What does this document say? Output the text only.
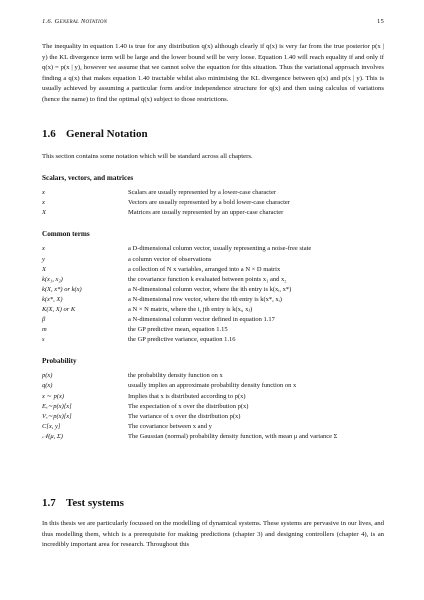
1.6. General Notation	15

The inequality in equation 1.40 is true for any distribution q(x) although clearly if q(x) is very far from the true posterior p(x | y) the KL divergence term will be large and the lower bound will be very loose. Equation 1.40 will reach equality if and only if q(x) = p(x | y), however we assume that we cannot solve the equation for this situation. Thus the variational approach involves finding a q(x) that makes equation 1.40 tractable whilst also minimising the KL divergence between q(x) and p(x | y). This is usually achieved by assuming a particular form and/or independence structure for q(x) and then using calculus of variations (hence the name) to find the optimal q(x) subject to those restrictions.

1.6 General Notation

This section contains some notation which will be standard across all chapters.

Scalars, vectors, and matrices
x	Scalars are usually represented by a lower-case character
x	Vectors are usually represented by a bold lower-case character
X	Matrices are usually represented by an upper-case character
Common terms
x	a D-dimensional column vector, usually representing a noise-free state
y	a column vector of observations
X	a collection of N x variables, arranged into a N × D matrix
k(x₁, x₂)	the covariance function k evaluated between points x₁ and x₂
k(X, x*) or k(x)	a N-dimensional column vector, where the ith entry is k(xᵢ, x*)
k(x*, X)	a N-dimensional row vector, where the ith entry is k(x*, xᵢ)
K(X, X) or K	a N × N matrix, where the i, jth entry is k(xᵢ, xⱼ)
β	a N-dimensional column vector defined in equation 1.17
m	the GP predictive mean, equation 1.15
s	the GP predictive variance, equation 1.16
Probability
p(x)	the probability density function on x
q(x)	usually implies an approximate probability density function on x
x ∼ p(x)	Implies that x is distributed according to p(x)
Eₓ∼p(x)[x]	The expectation of x over the distribution p(x)
Vₓ∼p(x)[x]	The variance of x over the distribution p(x)
C[x, y]	The covariance between x and y
𝒩(μ, Σ)	The Gaussian (normal) probability density function, with mean μ and variance Σ
1.7 Test systems

In this thesis we are particularly focussed on the modelling of dynamical systems. These systems are pervasive in our lives, and thus modelling them, which is a prerequisite for making predictions (chapter 3) and designing controllers (chapter 4), is an incredibly important area for research. Throughout this
